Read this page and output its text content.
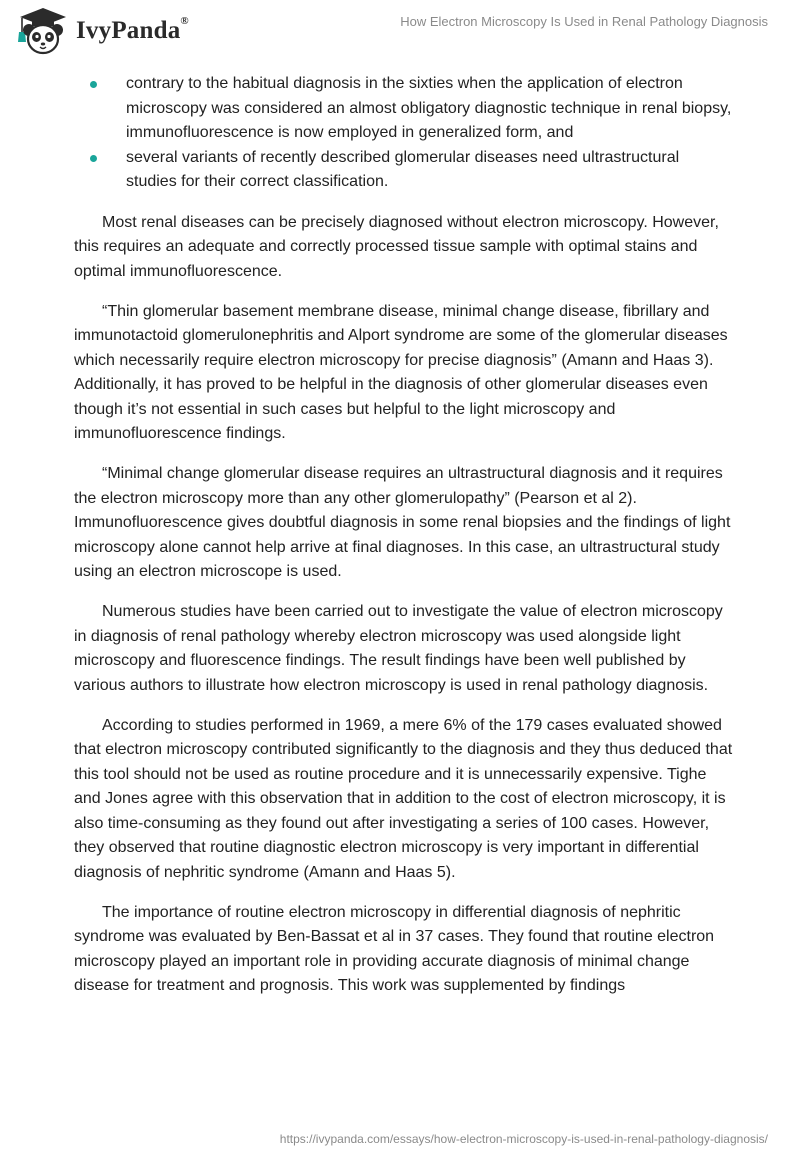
IvyPanda®	How Electron Microscopy Is Used in Renal Pathology Diagnosis
contrary to the habitual diagnosis in the sixties when the application of electron microscopy was considered an almost obligatory diagnostic technique in renal biopsy, immunofluorescence is now employed in generalized form, and
several variants of recently described glomerular diseases need ultrastructural studies for their correct classification.

Most renal diseases can be precisely diagnosed without electron microscopy. However, this requires an adequate and correctly processed tissue sample with optimal stains and optimal immunofluorescence.

“Thin glomerular basement membrane disease, minimal change disease, fibrillary and immunotactoid glomerulonephritis and Alport syndrome are some of the glomerular diseases which necessarily require electron microscopy for precise diagnosis” (Amann and Haas 3). Additionally, it has proved to be helpful in the diagnosis of other glomerular diseases even though it’s not essential in such cases but helpful to the light microscopy and immunofluorescence findings.

“Minimal change glomerular disease requires an ultrastructural diagnosis and it requires the electron microscopy more than any other glomerulopathy” (Pearson et al 2). Immunofluorescence gives doubtful diagnosis in some renal biopsies and the findings of light microscopy alone cannot help arrive at final diagnoses. In this case, an ultrastructural study using an electron microscope is used.

Numerous studies have been carried out to investigate the value of electron microscopy in diagnosis of renal pathology whereby electron microscopy was used alongside light microscopy and fluorescence findings. The result findings have been well published by various authors to illustrate how electron microscopy is used in renal pathology diagnosis.

According to studies performed in 1969, a mere 6% of the 179 cases evaluated showed that electron microscopy contributed significantly to the diagnosis and they thus deduced that this tool should not be used as routine procedure and it is unnecessarily expensive. Tighe and Jones agree with this observation that in addition to the cost of electron microscopy, it is also time-consuming as they found out after investigating a series of 100 cases. However, they observed that routine diagnostic electron microscopy is very important in differential diagnosis of nephritic syndrome (Amann and Haas 5).

The importance of routine electron microscopy in differential diagnosis of nephritic syndrome was evaluated by Ben-Bassat et al in 37 cases. They found that routine electron microscopy played an important role in providing accurate diagnosis of minimal change disease for treatment and prognosis. This work was supplemented by findings

https://ivypanda.com/essays/how-electron-microscopy-is-used-in-renal-pathology-diagnosis/
